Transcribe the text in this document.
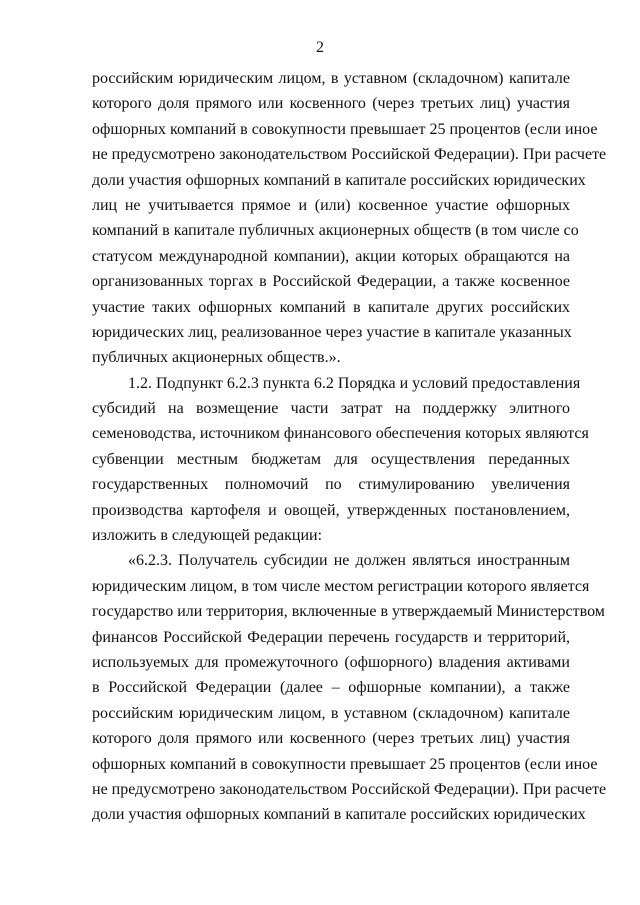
2

российским юридическим лицом, в уставном (складочном) капитале
которого доля прямого или косвенного (через третьих лиц) участия
офшорных компаний в совокупности превышает 25 процентов (если иное
не предусмотрено законодательством Российской Федерации). При расчете
доли участия офшорных компаний в капитале российских юридических
лиц не учитывается прямое и (или) косвенное участие офшорных
компаний в капитале публичных акционерных обществ (в том числе со
статусом международной компании), акции которых обращаются на
организованных торгах в Российской Федерации, а также косвенное
участие таких офшорных компаний в капитале других российских
юридических лиц, реализованное через участие в капитале указанных
публичных акционерных обществ.».

1.2. Подпункт 6.2.3 пункта 6.2 Порядка и условий предоставления
субсидий на возмещение части затрат на поддержку элитного
семеноводства, источником финансового обеспечения которых являются
субвенции местным бюджетам для осуществления переданных
государственных полномочий по стимулированию увеличения
производства картофеля и овощей, утвержденных постановлением,
изложить в следующей редакции:

«6.2.3. Получатель субсидии не должен являться иностранным
юридическим лицом, в том числе местом регистрации которого является
государство или территория, включенные в утверждаемый Министерством
финансов Российской Федерации перечень государств и территорий,
используемых для промежуточного (офшорного) владения активами
в Российской Федерации (далее – офшорные компании), а также
российским юридическим лицом, в уставном (складочном) капитале
которого доля прямого или косвенного (через третьих лиц) участия
офшорных компаний в совокупности превышает 25 процентов (если иное
не предусмотрено законодательством Российской Федерации). При расчете
доли участия офшорных компаний в капитале российских юридических
